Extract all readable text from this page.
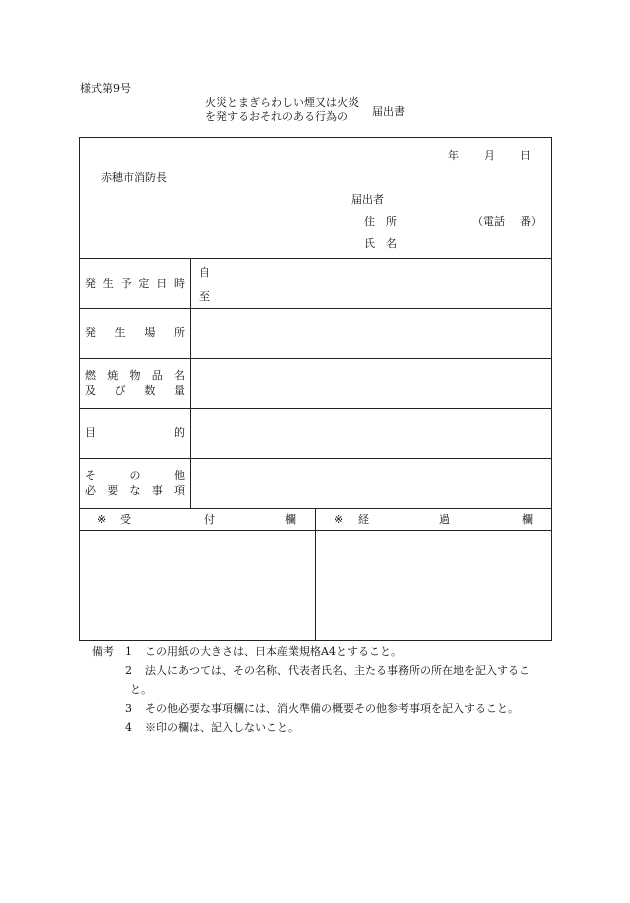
様式第9号
火災とまぎらわしい煙又は火炎
を発するおそれのある行為の 届出書
年 月 日
赤穂市消防長
届出者
住所	（電話 番）
氏名
発 生 予 定 日 時
自
至
発 生 場 所
燃 焼 物 品 名
及 び 数 量
目	的
そ	の	他
必 要 な 事 項
※ 受	付	欄	※ 経	過	欄
備考 1 この用紙の大きさは、日本産業規格A4とすること。
2 法人にあつては、その名称、代表者氏名、主たる事務所の所在地を記入するこ
と。
3 その他必要な事項欄には、消火準備の概要その他参考事項を記入すること。
4 ※印の欄は、記入しないこと。
